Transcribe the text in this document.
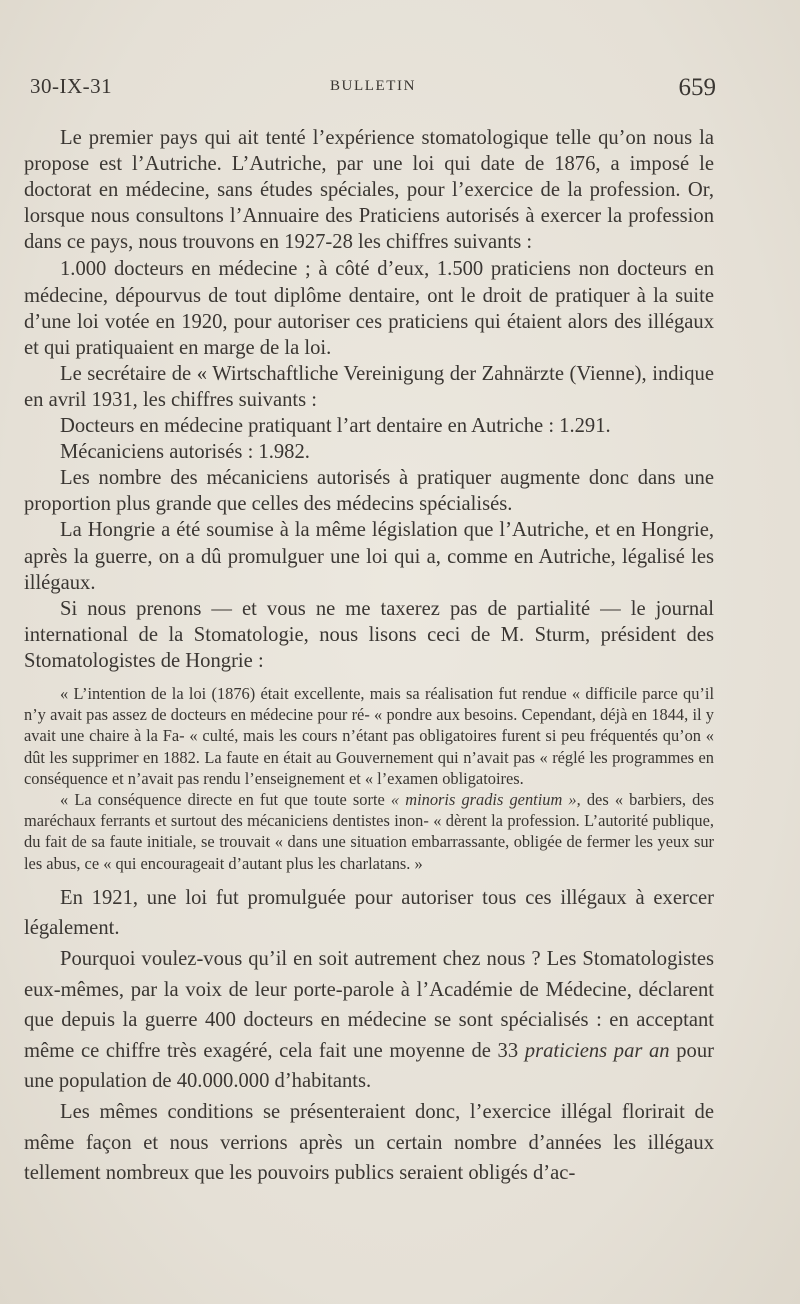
30-IX-31	BULLETIN	659

Le premier pays qui ait tenté l’expérience stomatologique telle qu’on nous la propose est l’Autriche. L’Autriche, par une loi qui date de 1876, a imposé le doctorat en médecine, sans études spéciales, pour l’exercice de la profession. Or, lorsque nous consultons l’Annuaire des Praticiens autorisés à exercer la profession dans ce pays, nous trouvons en 1927-28 les chiffres suivants :

1.000 docteurs en médecine ; à côté d’eux, 1.500 praticiens non docteurs en médecine, dépourvus de tout diplôme dentaire, ont le droit de pratiquer à la suite d’une loi votée en 1920, pour autoriser ces praticiens qui étaient alors des illégaux et qui pratiquaient en marge de la loi.

Le secrétaire de « Wirtschaftliche Vereinigung der Zahnärzte (Vienne), indique en avril 1931, les chiffres suivants :

Docteurs en médecine pratiquant l’art dentaire en Autriche : 1.291.

Mécaniciens autorisés : 1.982.

Les nombre des mécaniciens autorisés à pratiquer augmente donc dans une proportion plus grande que celles des médecins spécialisés.

La Hongrie a été soumise à la même législation que l’Autriche, et en Hongrie, après la guerre, on a dû promulguer une loi qui a, comme en Autriche, légalisé les illégaux.

Si nous prenons — et vous ne me taxerez pas de partialité — le journal international de la Stomatologie, nous lisons ceci de M. Sturm, président des Stomatologistes de Hongrie :

« L’intention de la loi (1876) était excellente, mais sa réalisation fut rendue « difficile parce qu’il n’y avait pas assez de docteurs en médecine pour ré- « pondre aux besoins. Cependant, déjà en 1844, il y avait une chaire à la Fa- « culté, mais les cours n’étant pas obligatoires furent si peu fréquentés qu’on « dût les supprimer en 1882. La faute en était au Gouvernement qui n’avait pas « réglé les programmes en conséquence et n’avait pas rendu l’enseignement et « l’examen obligatoires.

« La conséquence directe en fut que toute sorte « minoris gradis gentium », des « barbiers, des maréchaux ferrants et surtout des mécaniciens dentistes inon- « dèrent la profession. L’autorité publique, du fait de sa faute initiale, se trouvait « dans une situation embarrassante, obligée de fermer les yeux sur les abus, ce « qui encourageait d’autant plus les charlatans. »

En 1921, une loi fut promulguée pour autoriser tous ces illégaux à exercer légalement.

Pourquoi voulez-vous qu’il en soit autrement chez nous ? Les Stomatologistes eux-mêmes, par la voix de leur porte-parole à l’Académie de Médecine, déclarent que depuis la guerre 400 docteurs en médecine se sont spécialisés : en acceptant même ce chiffre très exagéré, cela fait une moyenne de 33 praticiens par an pour une population de 40.000.000 d’habitants.

Les mêmes conditions se présenteraient donc, l’exercice illégal florirait de même façon et nous verrions après un certain nombre d’années les illégaux tellement nombreux que les pouvoirs publics seraient obligés d’ac-
